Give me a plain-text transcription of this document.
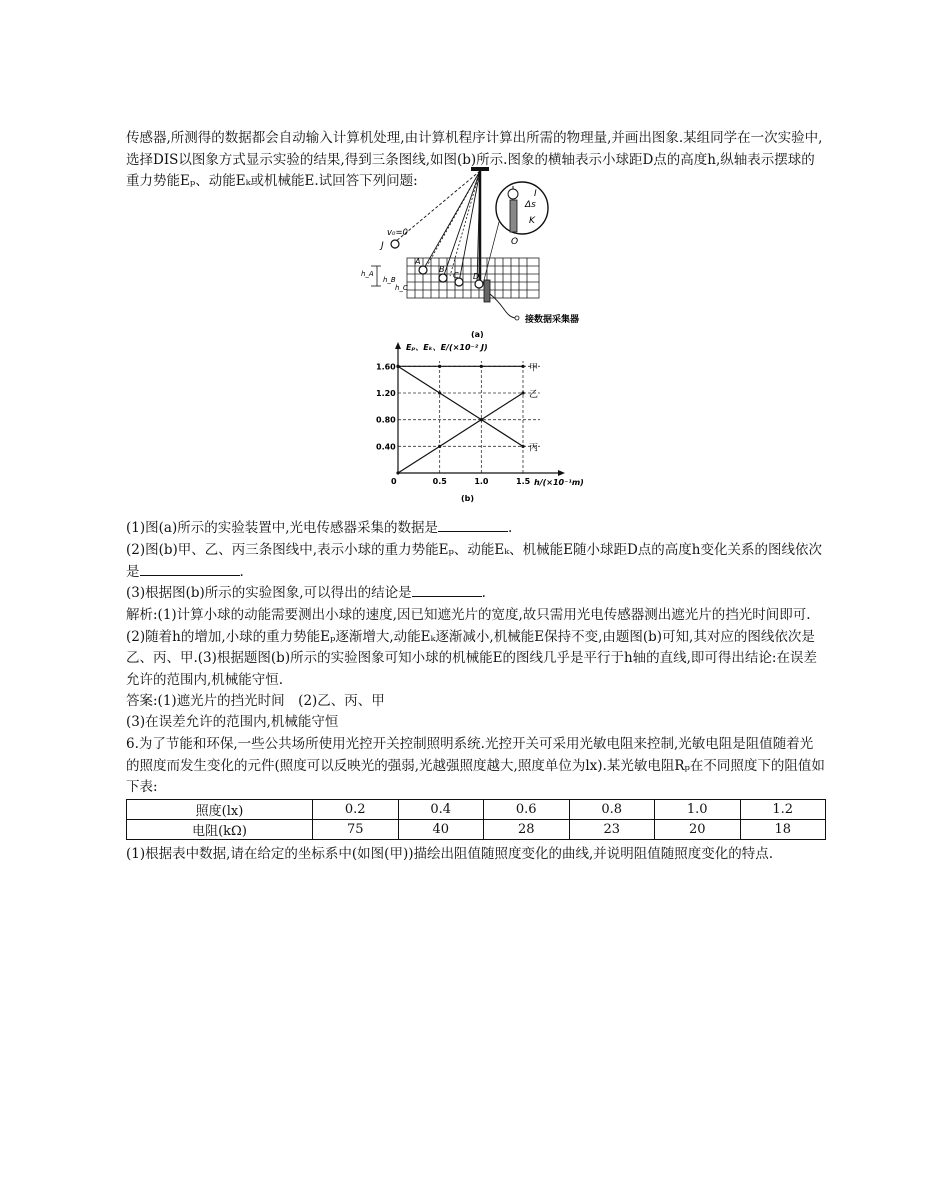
传感器,所测得的数据都会自动输入计算机处理,由计算机程序计算出所需的物理量,并画出图象.某组同学在一次实验中,选择DIS以图象方式显示实验的结果,得到三条图线,如图(b)所示.图象的横轴表示小球距D点的高度h,纵轴表示摆球的重力势能Eₚ、动能Eₖ或机械能E.试回答下列问题:

v₀=0
J
h_A
h_B
h_C
A
B
C D
I
Δs
K
O
接数据采集器
(a)
Eₚ、Eₖ、E/(×10⁻² J)
h/(×10⁻¹m)
0
1.60
1.20
0.80
0.40
0.5	1.0	1.5
甲
乙
丙
(b)

(1)图(a)所示的实验装置中,光电传感器采集的数据是	.

(2)图(b)甲、乙、丙三条图线中,表示小球的重力势能Eₚ、动能Eₖ、机械能E随小球距D点的高度h变化关系的图线依次是	.

(3)根据图(b)所示的实验图象,可以得出的结论是	.

解析:(1)计算小球的动能需要测出小球的速度,因已知遮光片的宽度,故只需用光电传感器测出遮光片的挡光时间即可.(2)随着h的增加,小球的重力势能Eₚ逐渐增大,动能Eₖ逐渐减小,机械能E保持不变,由题图(b)可知,其对应的图线依次是乙、丙、甲.(3)根据题图(b)所示的实验图象可知小球的机械能E的图线几乎是平行于h轴的直线,即可得出结论:在误差允许的范围内,机械能守恒.

答案:(1)遮光片的挡光时间　(2)乙、丙、甲

(3)在误差允许的范围内,机械能守恒

6.为了节能和环保,一些公共场所使用光控开关控制照明系统.光控开关可采用光敏电阻来控制,光敏电阻是阻值随着光的照度而发生变化的元件(照度可以反映光的强弱,光越强照度越大,照度单位为lx).某光敏电阻Rₚ在不同照度下的阻值如下表:

照度(lx)	0.2	0.4	0.6	0.8	1.0	1.2
电阻(kΩ)	75	40	28	23	20	18

(1)根据表中数据,请在给定的坐标系中(如图(甲))描绘出阻值随照度变化的曲线,并说明阻值随照度变化的特点.
